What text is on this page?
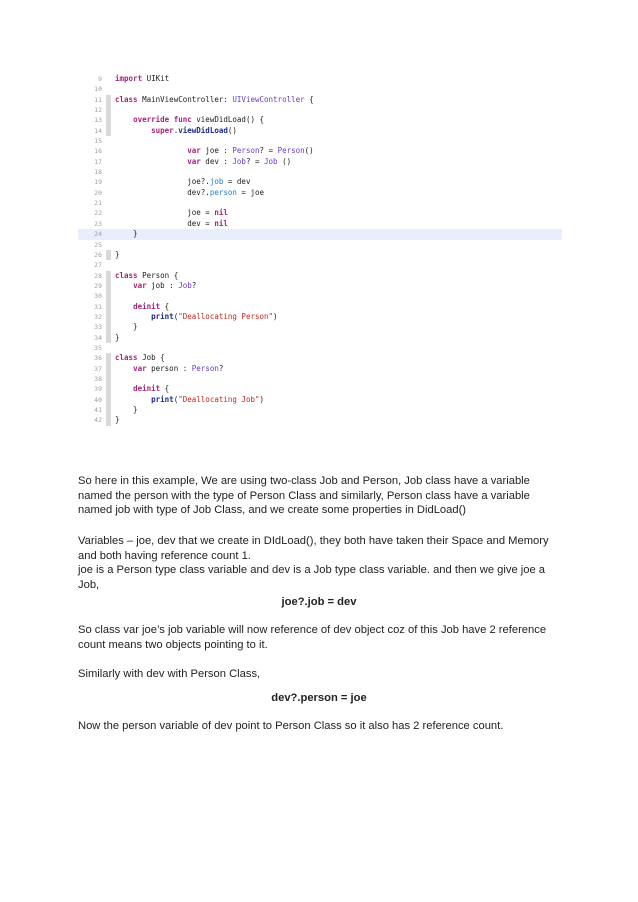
9 import UIKit
10
11 class MainViewController: UIViewController {
12
13	override func viewDidLoad() {
14	super.viewDidLoad()
15
16	var joe : Person? = Person()
17	var dev : Job? = Job ()
18
19 joe?.job = dev
20 dev?.person = joe
21
22 joe = nil
23 dev = nil
24 }
25
26 }
27
28 class Person {
29	var job : Job?
30
31	deinit {
32	print("Deallocating Person")
33 }
34 }
35
36 class Job {
37	var person : Person?
38
39	deinit {
40	print("Deallocating Job")
41 }
42 }

So here in this example, We are using two-class Job and Person, Job class have a variable named the person with the type of Person Class and similarly, Person class have a variable named job with type of Job Class, and we create some properties in DidLoad()

Variables – joe, dev that we create in DIdLoad(), they both have taken their Space and Memory and both having reference count 1.

joe is a Person type class variable and dev is a Job type class variable. and then we give joe a Job,

joe?.job = dev

So class var joe’s job variable will now reference of dev object coz of this Job have 2 reference count means two objects pointing to it.

Similarly with dev with Person Class,

dev?.person = joe

Now the person variable of dev point to Person Class so it also has 2 reference count.
